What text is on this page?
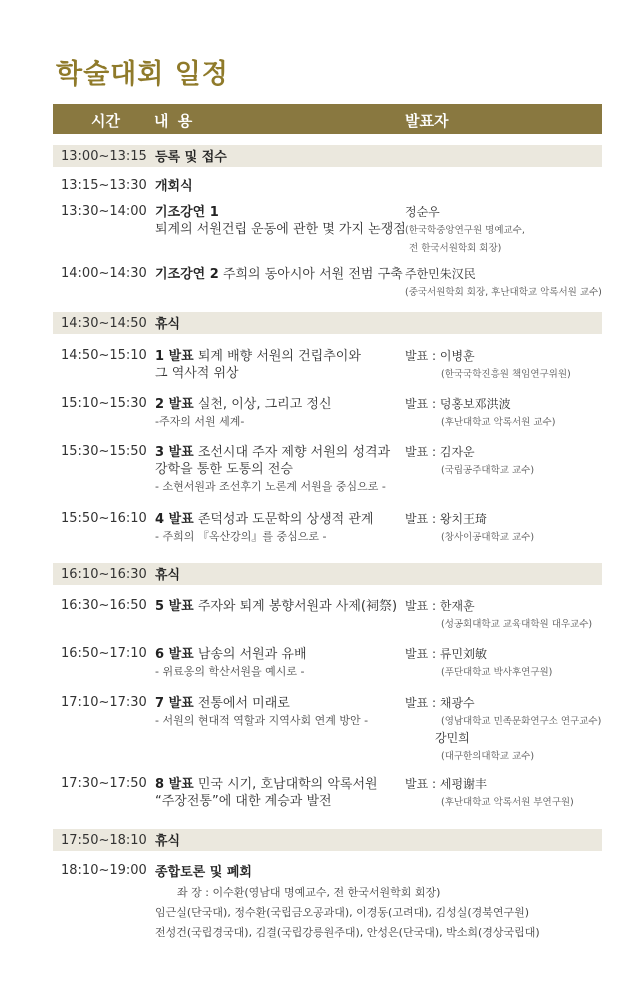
학술대회 일정
시간 내 용	발표자
13:00~13:15 등록 및 접수
13:15~13:30 개회식
13:30~14:00 기조강연 1
퇴계의 서원건립 운동에 관한 몇 가지 논쟁점
정순우
(한국학중앙연구원 명예교수,
전 한국서원학회 회장)
14:00~14:30 기조강연 2 주희의 동아시아 서원 전범 구축 주한민朱汉民
(중국서원학회 회장, 후난대학교 악록서원 교수)
14:30~14:50 휴식
14:50~15:10 1 발표 퇴계 배향 서원의 건립추이와
그 역사적 위상
발표 : 이병훈
(한국국학진흥원 책임연구위원)
15:10~15:30 2 발표 실천, 이상, 그리고 정신
-주자의 서원 세계-
발표 : 덩홍보邓洪波
(후난대학교 악록서원 교수)
15:30~15:50 3 발표 조선시대 주자 제향 서원의 성격과
강학을 통한 도통의 전승
- 소현서원과 조선후기 노론계 서원을 중심으로 -
발표 : 김자운
(국립공주대학교 교수)
15:50~16:10 4 발표 존덕성과 도문학의 상생적 관계
- 주희의 『옥산강의』를 중심으로 -
발표 : 왕치王琦
(창사이공대학교 교수)
16:10~16:30 휴식
16:30~16:50 5 발표 주자와 퇴계 봉향서원과 사제(祠祭) 발표 : 한재훈
(성공회대학교 교육대학원 대우교수)
16:50~17:10 6 발표 남송의 서원과 유배
- 위료옹의 학산서원을 예시로 -
발표 : 류민刘敏
(푸단대학교 박사후연구원)
17:10~17:30 7 발표 전통에서 미래로
- 서원의 현대적 역할과 지역사회 연계 방안 -
발표 : 채광수
(영남대학교 민족문화연구소 연구교수)
강민희
(대구한의대학교 교수)
17:30~17:50 8 발표 민국 시기, 호남대학의 악록서원
“주장전통”에 대한 계승과 발전
발표 : 세펑谢丰
(후난대학교 악록서원 부연구원)
17:50~18:10 휴식
18:10~19:00 종합토론 및 폐회
좌 장 : 이수환(영남대 명예교수, 전 한국서원학회 회장)
임근실(단국대), 정수환(국립금오공과대), 이경동(고려대), 김성실(경북연구원)
전성건(국립경국대), 김결(국립강릉원주대), 안성은(단국대), 박소희(경상국립대)
